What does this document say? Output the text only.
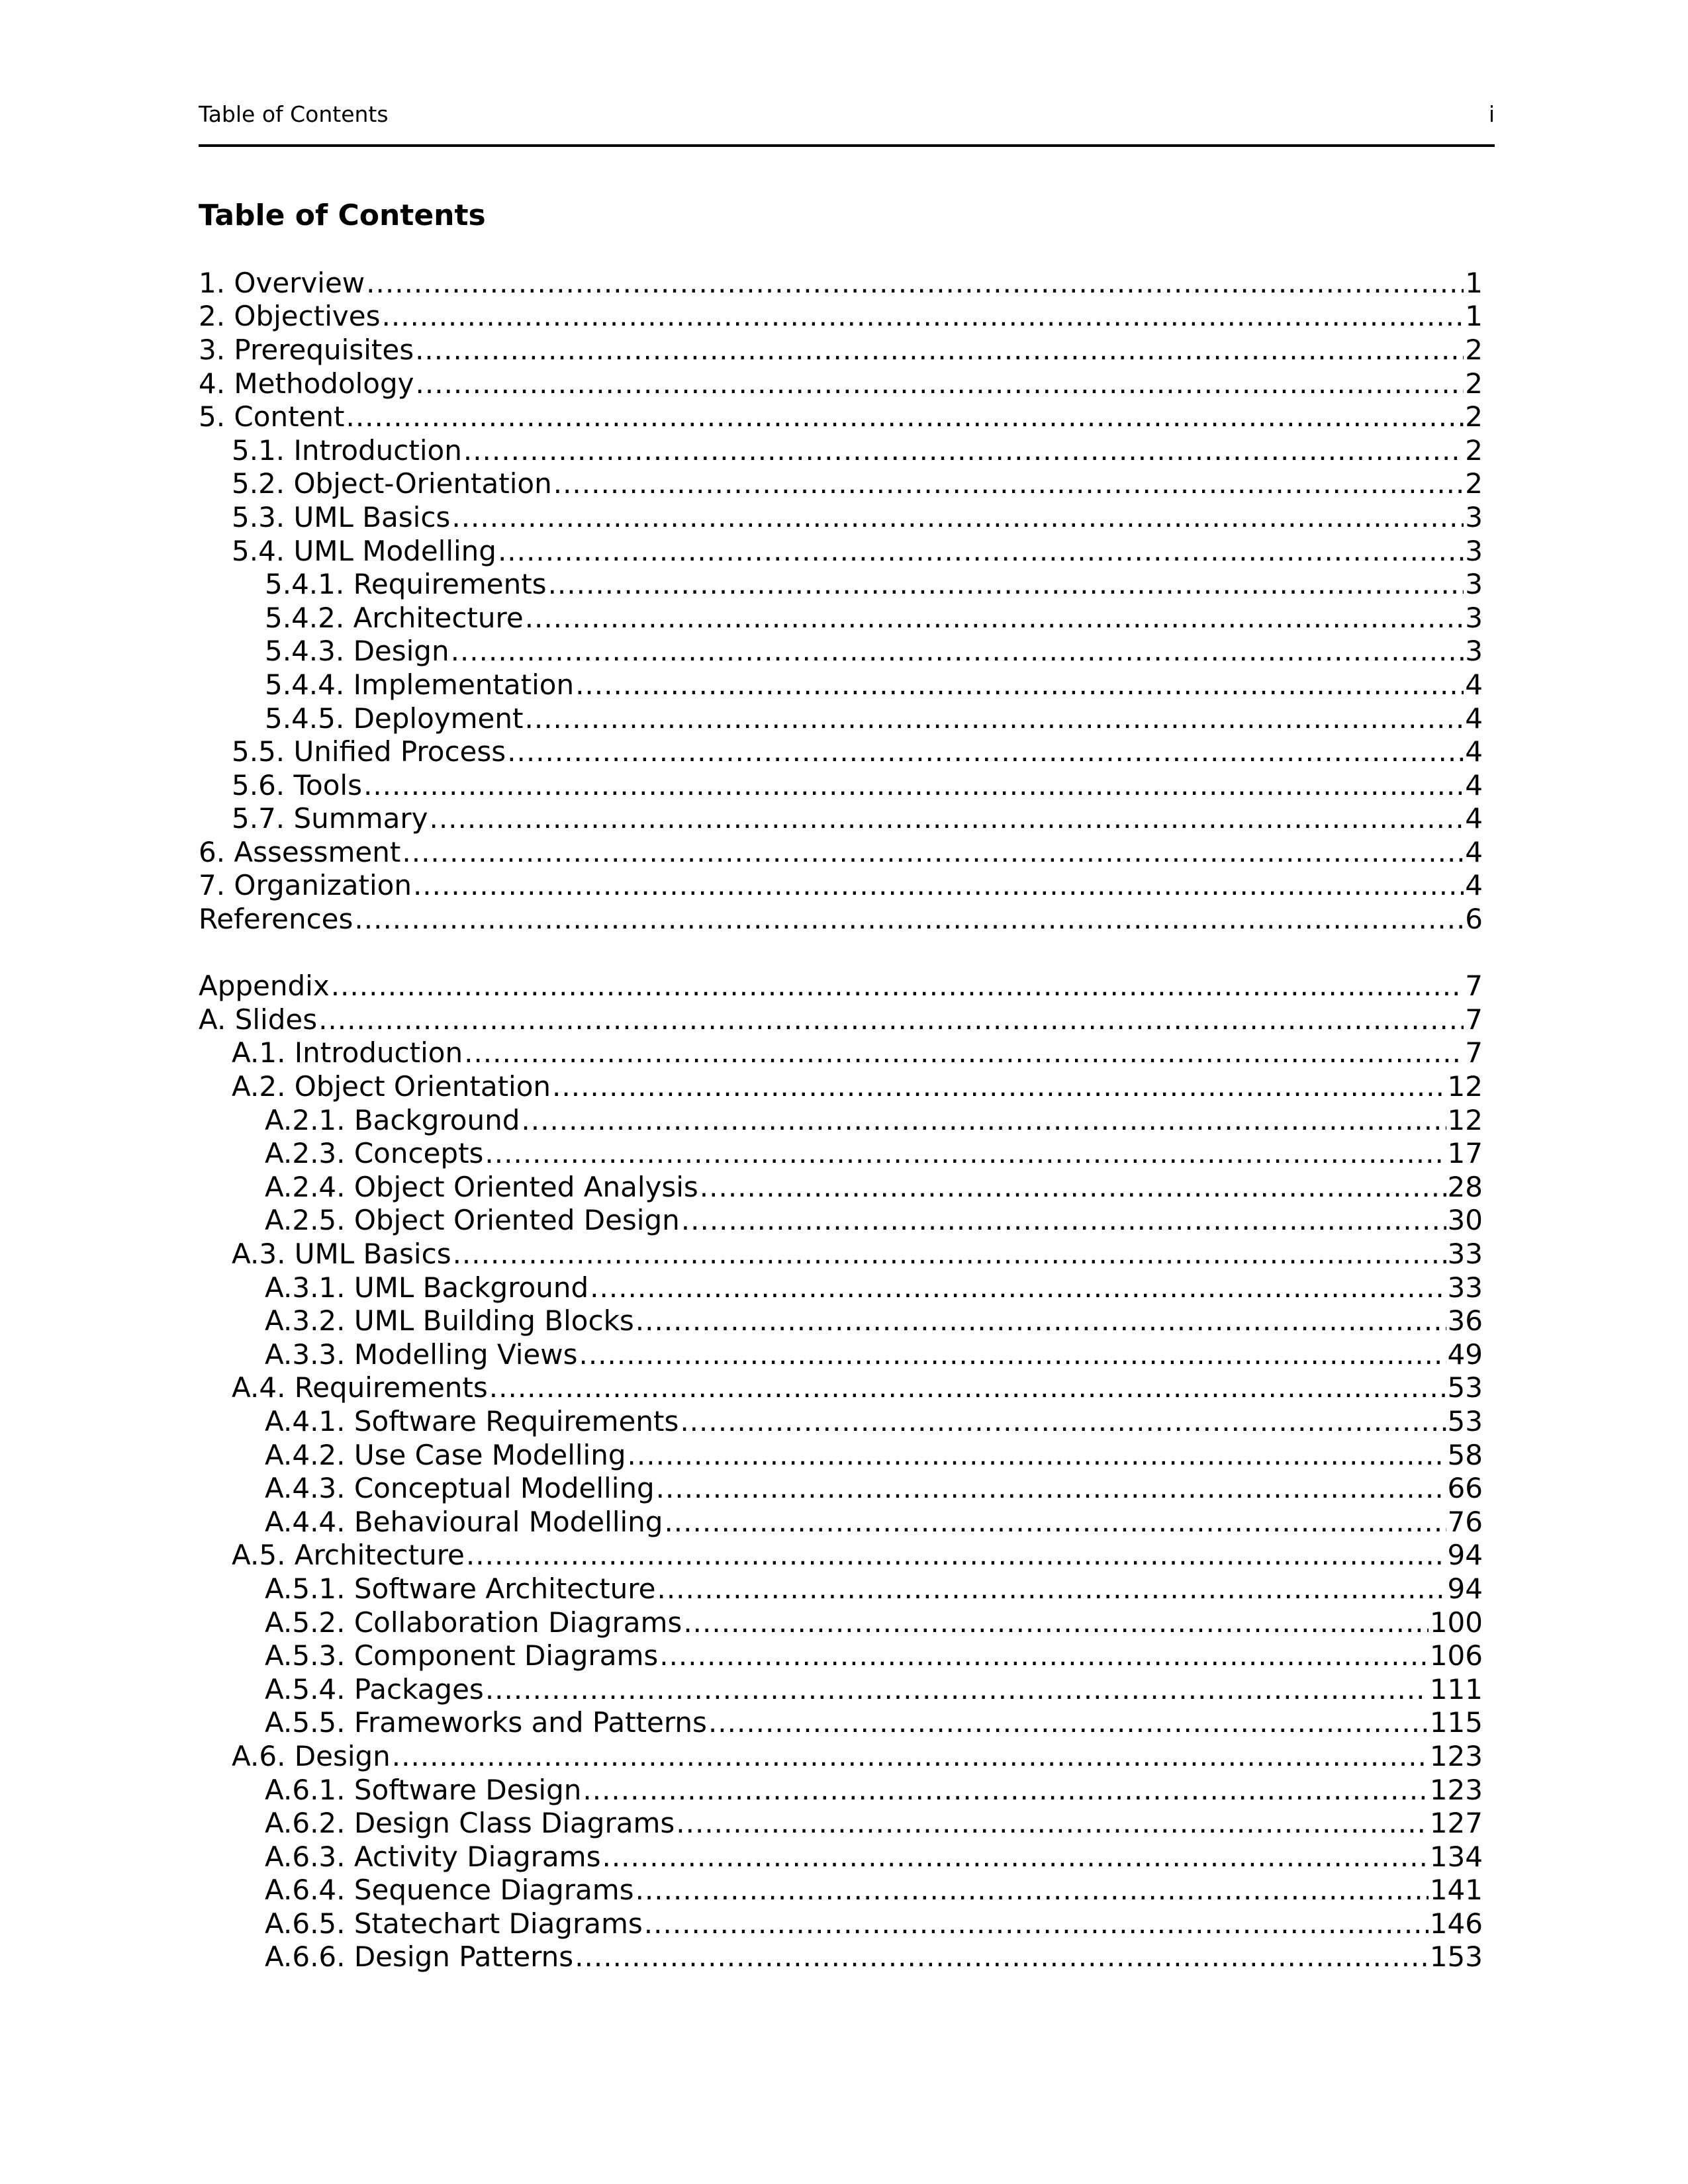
Table of Contents	i
Table of Contents
1. Overview .....	1
2. Objectives .....	1
3. Prerequisites .....	2
4. Methodology .....	2
5. Content .....	2
5.1. Introduction .....	2
5.2. Object-Orientation .....	2
5.3. UML Basics .....	3
5.4. UML Modelling .....	3
5.4.1. Requirements .....	3
5.4.2. Architecture .....	3
5.4.3. Design .....	3
5.4.4. Implementation .....	4
5.4.5. Deployment .....	4
5.5. Unified Process .....	4
5.6. Tools .....	4
5.7. Summary .....	4
6. Assessment .....	4
7. Organization .....	4
References .....	6
Appendix .....	7
A. Slides .....	7
A.1. Introduction .....	7
A.2. Object Orientation .....	12
A.2.1. Background .....	12
A.2.3. Concepts .....	17
A.2.4. Object Oriented Analysis .....	28
A.2.5. Object Oriented Design .....	30
A.3. UML Basics .....	33
A.3.1. UML Background .....	33
A.3.2. UML Building Blocks .....	36
A.3.3. Modelling Views .....	49
A.4. Requirements .....	53
A.4.1. Software Requirements .....	53
A.4.2. Use Case Modelling .....	58
A.4.3. Conceptual Modelling .....	66
A.4.4. Behavioural Modelling .....	76
A.5. Architecture .....	94
A.5.1. Software Architecture .....	94
A.5.2. Collaboration Diagrams .....	100
A.5.3. Component Diagrams .....	106
A.5.4. Packages .....	111
A.5.5. Frameworks and Patterns .....	115
A.6. Design .....	123
A.6.1. Software Design .....	123
A.6.2. Design Class Diagrams .....	127
A.6.3. Activity Diagrams .....	134
A.6.4. Sequence Diagrams .....	141
A.6.5. Statechart Diagrams .....	146
A.6.6. Design Patterns .....	153
